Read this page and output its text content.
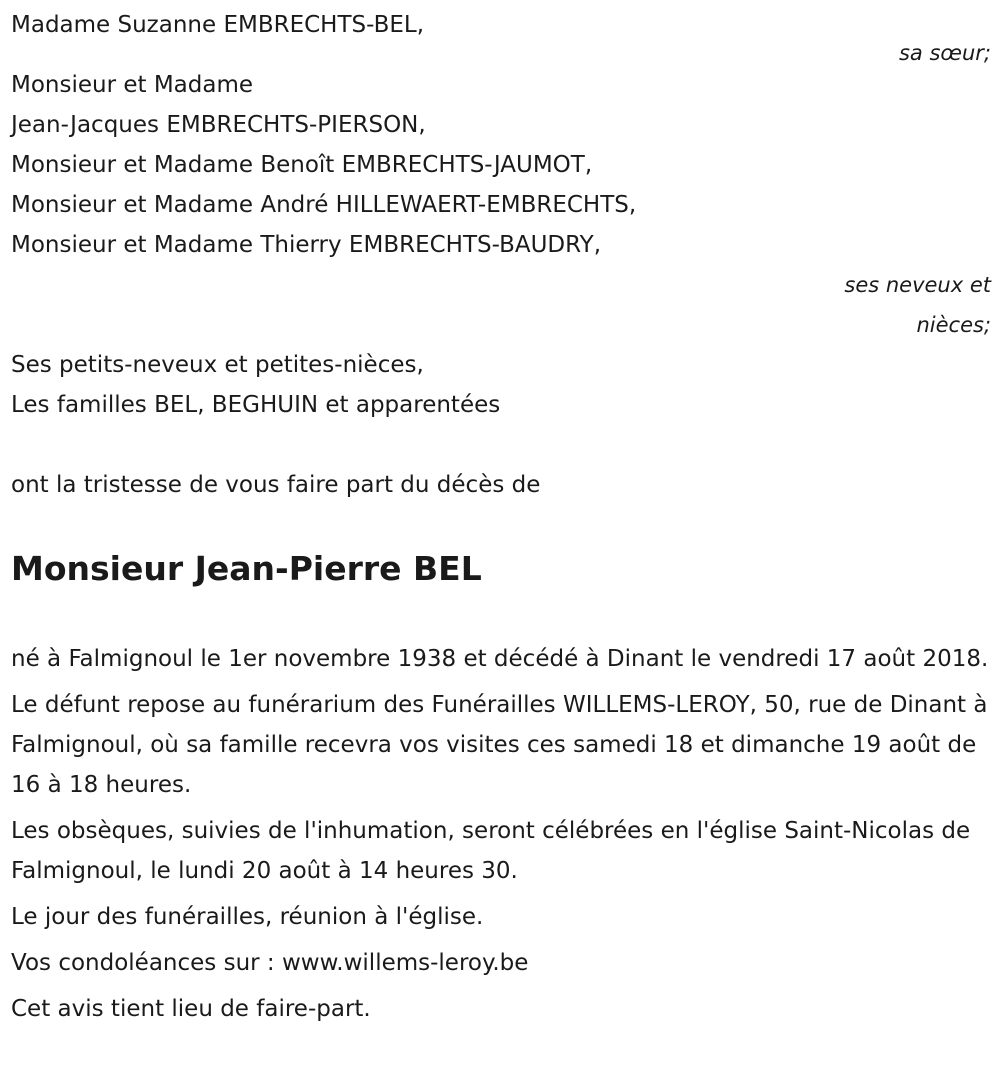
Madame Suzanne EMBRECHTS-BEL,
sa sœur;
Monsieur et Madame
Jean-Jacques EMBRECHTS-PIERSON,
Monsieur et Madame Benoît EMBRECHTS-JAUMOT,
Monsieur et Madame André HILLEWAERT-EMBRECHTS,
Monsieur et Madame Thierry EMBRECHTS-BAUDRY,
ses neveux et
nièces;
Ses petits-neveux et petites-nièces,
Les familles BEL, BEGHUIN et apparentées
ont la tristesse de vous faire part du décès de
Monsieur Jean-Pierre BEL

né à Falmignoul le 1er novembre 1938 et décédé à Dinant le vendredi 17 août 2018.

Le défunt repose au funérarium des Funérailles WILLEMS-LEROY, 50, rue de Dinant à Falmignoul, où sa famille recevra vos visites ces samedi 18 et dimanche 19 août de 16 à 18 heures.

Les obsèques, suivies de l'inhumation, seront célébrées en l'église Saint-Nicolas de Falmignoul, le lundi 20 août à 14 heures 30.

Le jour des funérailles, réunion à l'église.

Vos condoléances sur : www.willems-leroy.be

Cet avis tient lieu de faire-part.
